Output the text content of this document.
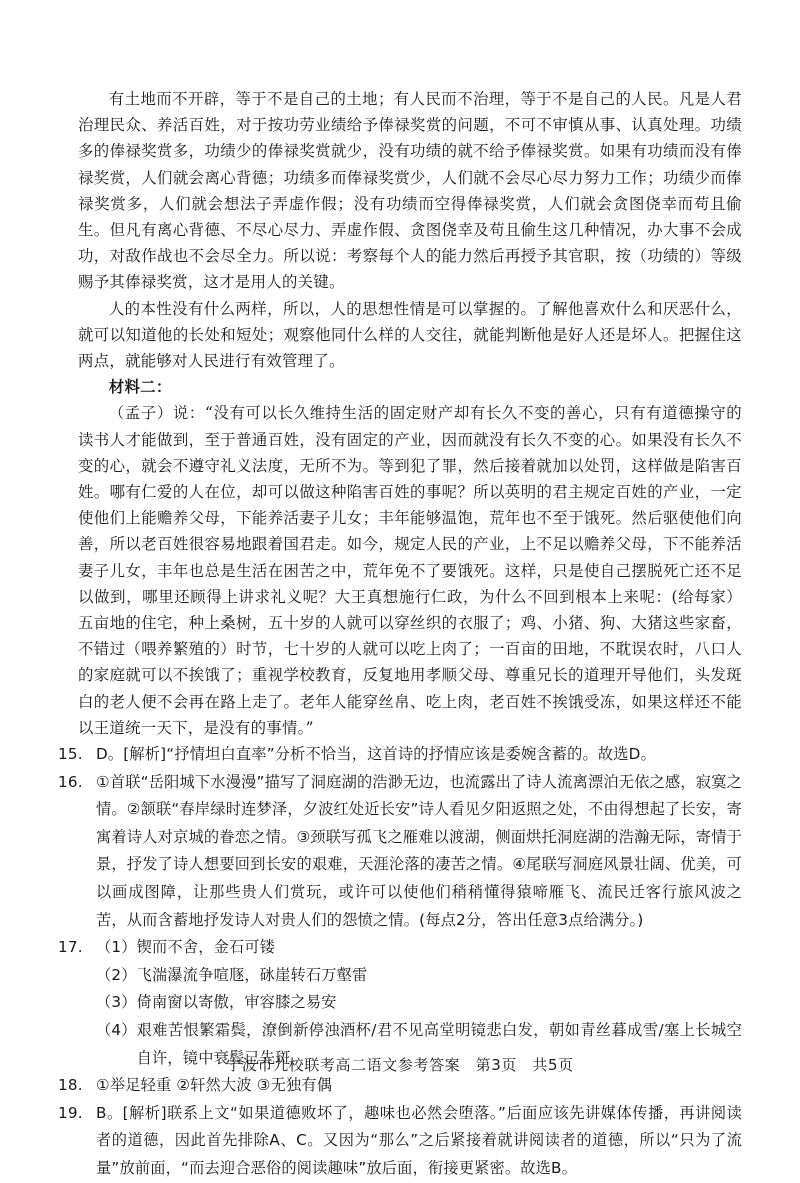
有土地而不开辟，等于不是自己的土地；有人民而不治理，等于不是自己的人民。凡是人君治理民众、养活百姓，对于按功劳业绩给予俸禄奖赏的问题，不可不审慎从事、认真处理。功绩多的俸禄奖赏多，功绩少的俸禄奖赏就少，没有功绩的就不给予俸禄奖赏。如果有功绩而没有俸禄奖赏，人们就会离心背德；功绩多而俸禄奖赏少，人们就不会尽心尽力努力工作；功绩少而俸禄奖赏多，人们就会想法子弄虚作假；没有功绩而空得俸禄奖赏，人们就会贪图侥幸而苟且偷生。但凡有离心背德、不尽心尽力、弄虚作假、贪图侥幸及苟且偷生这几种情况，办大事不会成功，对敌作战也不会尽全力。所以说：考察每个人的能力然后再授予其官职，按（功绩的）等级赐予其俸禄奖赏，这才是用人的关键。

人的本性没有什么两样，所以，人的思想性情是可以掌握的。了解他喜欢什么和厌恶什么，就可以知道他的长处和短处；观察他同什么样的人交往，就能判断他是好人还是坏人。把握住这两点，就能够对人民进行有效管理了。

材料二：

（孟子）说：“没有可以长久维持生活的固定财产却有长久不变的善心，只有有道德操守的读书人才能做到，至于普通百姓，没有固定的产业，因而就没有长久不变的心。如果没有长久不变的心，就会不遵守礼义法度，无所不为。等到犯了罪，然后接着就加以处罚，这样做是陷害百姓。哪有仁爱的人在位，却可以做这种陷害百姓的事呢？所以英明的君主规定百姓的产业，一定使他们上能赡养父母，下能养活妻子儿女；丰年能够温饱，荒年也不至于饿死。然后驱使他们向善，所以老百姓很容易地跟着国君走。如今，规定人民的产业，上不足以赡养父母，下不能养活妻子儿女，丰年也总是生活在困苦之中，荒年免不了要饿死。这样，只是使自己摆脱死亡还不足以做到，哪里还顾得上讲求礼义呢？大王真想施行仁政，为什么不回到根本上来呢：(给每家）五亩地的住宅，种上桑树，五十岁的人就可以穿丝织的衣服了；鸡、小猪、狗、大猪这些家畜，不错过（喂养繁殖的）时节，七十岁的人就可以吃上肉了；一百亩的田地，不耽误农时，八口人的家庭就可以不挨饿了；重视学校教育，反复地用孝顺父母、尊重兄长的道理开导他们，头发斑白的老人便不会再在路上走了。老年人能穿丝帛、吃上肉，老百姓不挨饿受冻，如果这样还不能以王道统一天下，是没有的事情。”

15. D。[解析]“抒情坦白直率”分析不恰当，这首诗的抒情应该是委婉含蓄的。故选D。
16. ①首联“岳阳城下水漫漫”描写了洞庭湖的浩渺无边，也流露出了诗人流离漂泊无依之感，寂寞之情。②颔联“春岸绿时连梦泽，夕波红处近长安”诗人看见夕阳返照之处，不由得想起了长安，寄寓着诗人对京城的眷恋之情。③颈联写孤飞之雁难以渡湖，侧面烘托洞庭湖的浩瀚无际，寄情于景，抒发了诗人想要回到长安的艰难，天涯沦落的凄苦之情。④尾联写洞庭风景壮阔、优美，可以画成图障，让那些贵人们赏玩，或许可以使他们稍稍懂得猿啼雁飞、流民迁客行旅风波之苦，从而含蓄地抒发诗人对贵人们的怨愤之情。(每点2分，答出任意3点给满分。)
17. （1） 锲而不舍，金石可镂
（2） 飞湍瀑流争喧豗，砯崖转石万壑雷
（3） 倚南窗以寄傲，审容膝之易安
（4） 艰难苦恨繁霜鬓，潦倒新停浊酒杯/君不见高堂明镜悲白发，朝如青丝暮成雪/塞上长城空自许，镜中衰鬓已先斑
18. ①举足轻重 ②轩然大波 ③无独有偶
19. B。[解析]联系上文“如果道德败坏了，趣味也必然会堕落。”后面应该先讲媒体传播，再讲阅读者的道德，因此首先排除A、C。又因为“那么”之后紧接着就讲阅读者的道德，所以“只为了流量”放前面，“而去迎合恶俗的阅读趣味”放后面，衔接更紧密。故选B。
宁波市九校联考高二语文参考答案 第3页 共5页
